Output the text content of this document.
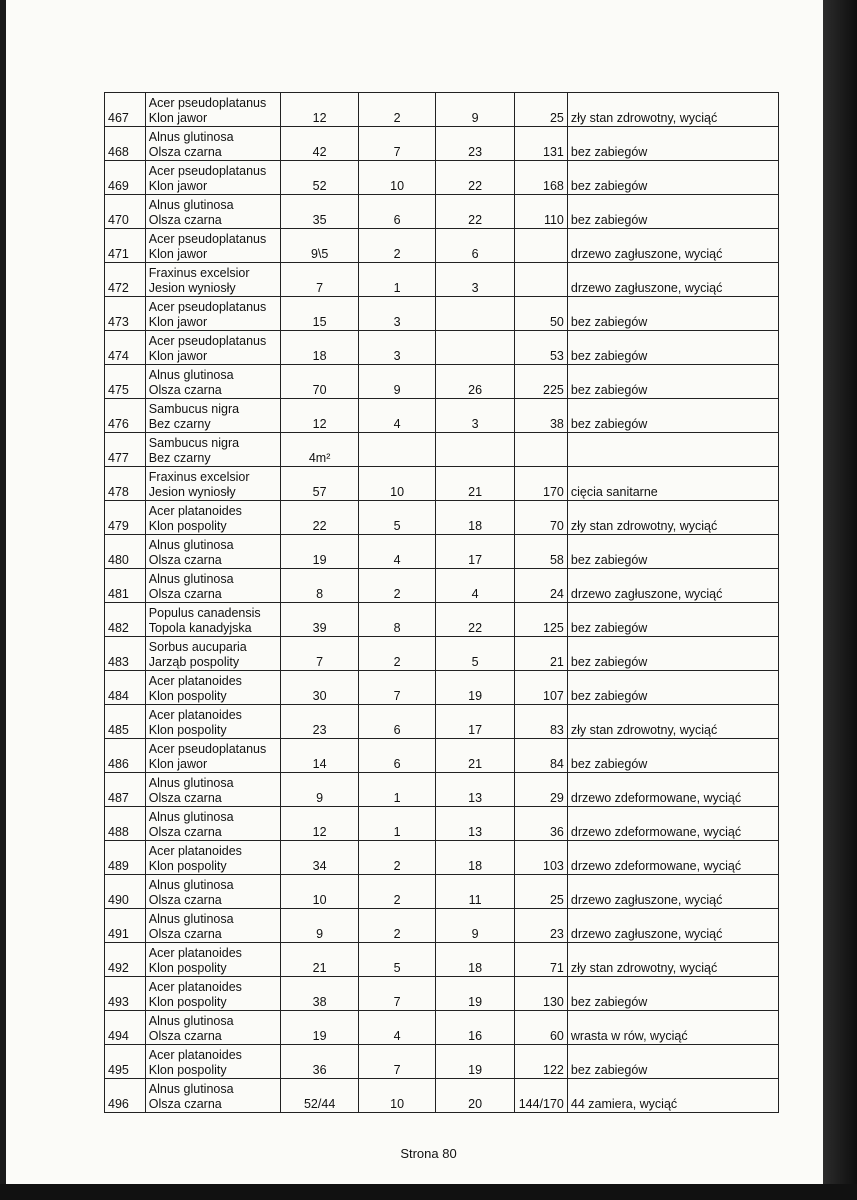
467	Acer pseudoplatanus
Klon jawor	12	2	9	25	zły stan zdrowotny, wyciąć
468	Alnus glutinosa
Olsza czarna	42	7	23	131	bez zabiegów
469	Acer pseudoplatanus
Klon jawor	52	10	22	168	bez zabiegów
470	Alnus glutinosa
Olsza czarna	35	6	22	110	bez zabiegów
471	Acer pseudoplatanus
Klon jawor	9\5	2	6		drzewo zagłuszone, wyciąć
472	Fraxinus excelsior
Jesion wyniosły	7	1	3		drzewo zagłuszone, wyciąć
473	Acer pseudoplatanus
Klon jawor	15	3		50	bez zabiegów
474	Acer pseudoplatanus
Klon jawor	18	3		53	bez zabiegów
475	Alnus glutinosa
Olsza czarna	70	9	26	225	bez zabiegów
476	Sambucus nigra
Bez czarny	12	4	3	38	bez zabiegów
477	Sambucus nigra
Bez czarny	4m²				
478	Fraxinus excelsior
Jesion wyniosły	57	10	21	170	cięcia sanitarne
479	Acer platanoides
Klon pospolity	22	5	18	70	zły stan zdrowotny, wyciąć
480	Alnus glutinosa
Olsza czarna	19	4	17	58	bez zabiegów
481	Alnus glutinosa
Olsza czarna	8	2	4	24	drzewo zagłuszone, wyciąć
482	Populus canadensis
Topola kanadyjska	39	8	22	125	bez zabiegów
483	Sorbus aucuparia
Jarząb pospolity	7	2	5	21	bez zabiegów
484	Acer platanoides
Klon pospolity	30	7	19	107	bez zabiegów
485	Acer platanoides
Klon pospolity	23	6	17	83	zły stan zdrowotny, wyciąć
486	Acer pseudoplatanus
Klon jawor	14	6	21	84	bez zabiegów
487	Alnus glutinosa
Olsza czarna	9	1	13	29	drzewo zdeformowane, wyciąć
488	Alnus glutinosa
Olsza czarna	12	1	13	36	drzewo zdeformowane, wyciąć
489	Acer platanoides
Klon pospolity	34	2	18	103	drzewo zdeformowane, wyciąć
490	Alnus glutinosa
Olsza czarna	10	2	11	25	drzewo zagłuszone, wyciąć
491	Alnus glutinosa
Olsza czarna	9	2	9	23	drzewo zagłuszone, wyciąć
492	Acer platanoides
Klon pospolity	21	5	18	71	zły stan zdrowotny, wyciąć
493	Acer platanoides
Klon pospolity	38	7	19	130	bez zabiegów
494	Alnus glutinosa
Olsza czarna	19	4	16	60	wrasta w rów, wyciąć
495	Acer platanoides
Klon pospolity	36	7	19	122	bez zabiegów
496	Alnus glutinosa
Olsza czarna	52/44	10	20	144/170	44 zamiera, wyciąć
Strona 80
